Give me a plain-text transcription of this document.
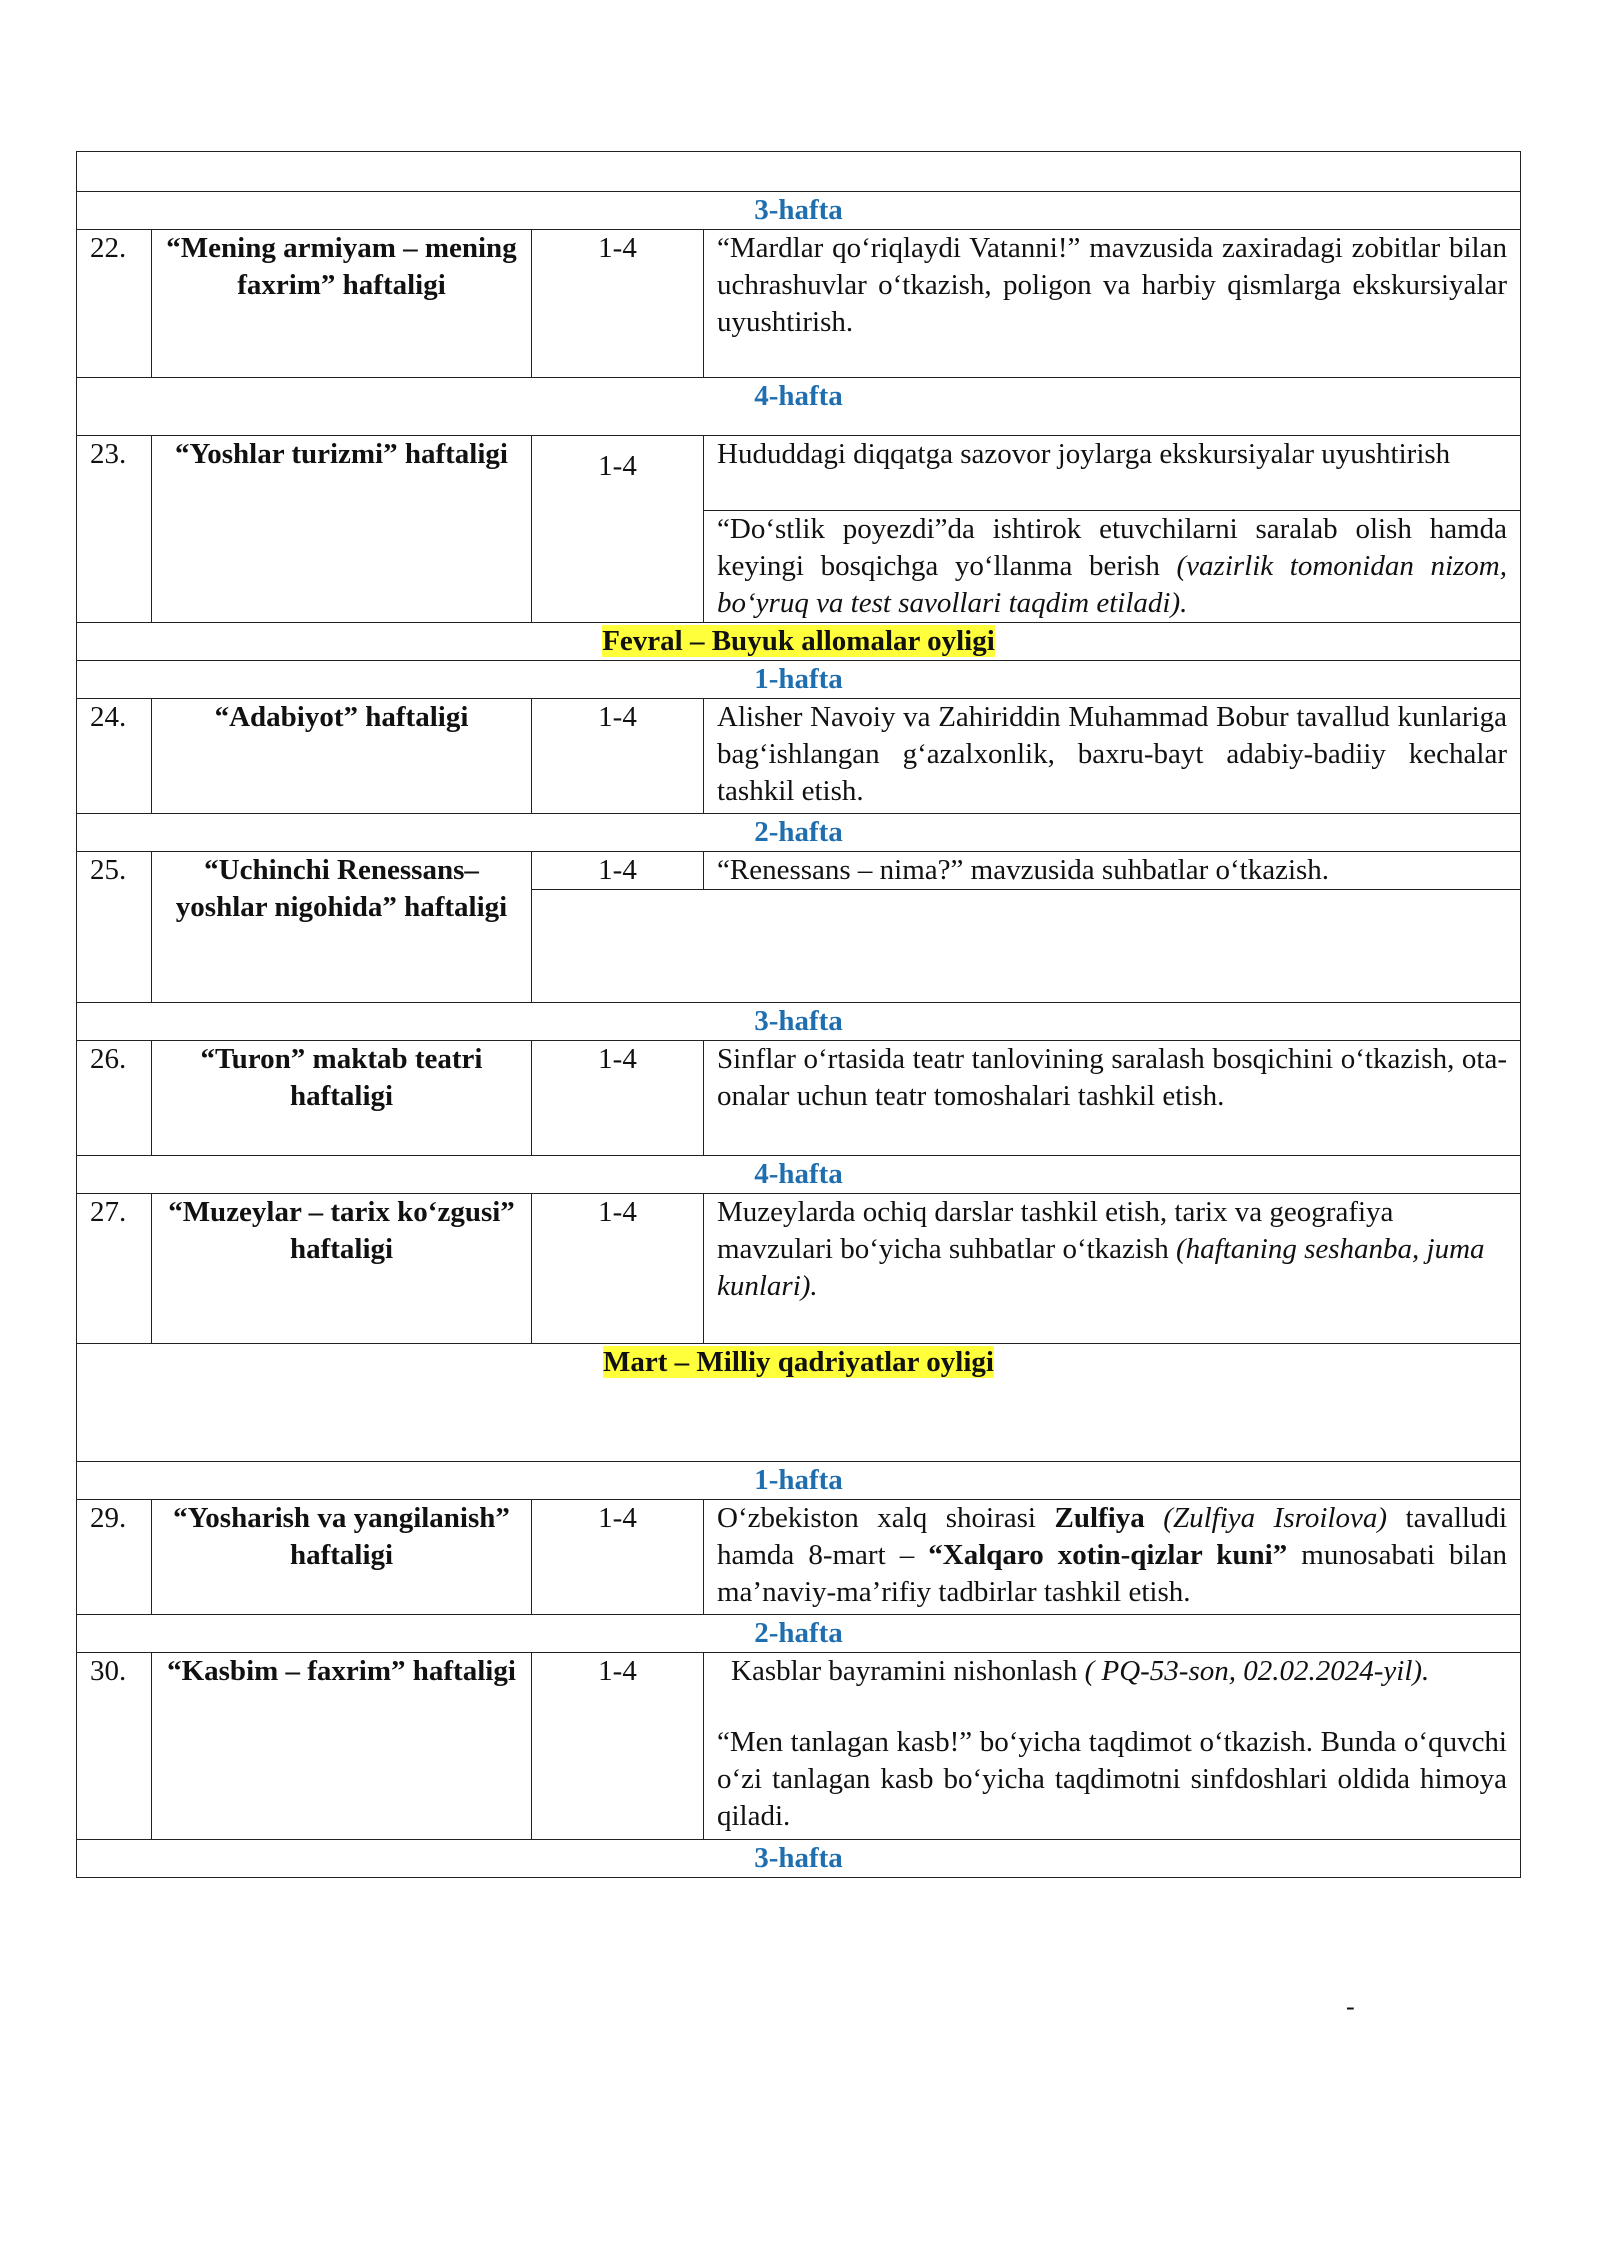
3-hafta			
22.	“Mening armiyam – mening faxrim” haftaligi	1-4	“Mardlar qo‘riqlaydi Vatanni!” mavzusida zaxiradagi zobitlar bilan uchrashuvlar o‘tkazish, poligon va harbiy qismlarga ekskursiyalar uyushtirish.
4-hafta			
23.	“Yoshlar turizmi” haftaligi	1-4	Hududdagi diqqatga sazovor joylarga ekskursiyalar uyushtirish
			“Do‘stlik poyezdi”da ishtirok etuvchilarni saralab olish hamda keyingi bosqichga yo‘llanma berish (vazirlik tomonidan nizom, bo‘yruq va test savollari taqdim etiladi).
Fevral – Buyuk allomalar oyligi			
1-hafta			
24.	“Adabiyot” haftaligi	1-4	Alisher Navoiy va Zahiriddin Muhammad Bobur tavallud kunlariga bag‘ishlangan g‘azalxonlik, baxru-bayt adabiy-badiiy kechalar tashkil etish.
2-hafta			
25.	“Uchinchi Renessans– yoshlar nigohida” haftaligi	1-4	“Renessans – nima?” mavzusida suhbatlar o‘tkazish.

3-hafta			
26.	“Turon” maktab teatri haftaligi	1-4	Sinflar o‘rtasida teatr tanlovining saralash bosqichini o‘tkazish, ota-onalar uchun teatr tomoshalari tashkil etish.
4-hafta			
27.	“Muzeylar – tarix ko‘zgusi” haftaligi	1-4	Muzeylarda ochiq darslar tashkil etish, tarix va geografiya mavzulari bo‘yicha suhbatlar o‘tkazish (haftaning seshanba, juma kunlari).
Mart – Milliy qadriyatlar oyligi			
1-hafta			
29.	“Yosharish va yangilanish” haftaligi	1-4	O‘zbekiston xalq shoirasi Zulfiya (Zulfiya Isroilova) tavalludi hamda 8-mart – “Xalqaro xotin-qizlar kuni” munosabati bilan ma’naviy-ma’rifiy tadbirlar tashkil etish.
2-hafta			
30.	“Kasbim – faxrim” haftaligi	1-4	Kasblar bayramini nishonlash ( PQ-53-son, 02.02.2024-yil).
“Men tanlagan kasb!” bo‘yicha taqdimot o‘tkazish. Bunda o‘quvchi o‘zi tanlagan kasb bo‘yicha taqdimotni sinfdoshlari oldida himoya qiladi.

3-hafta			
-
